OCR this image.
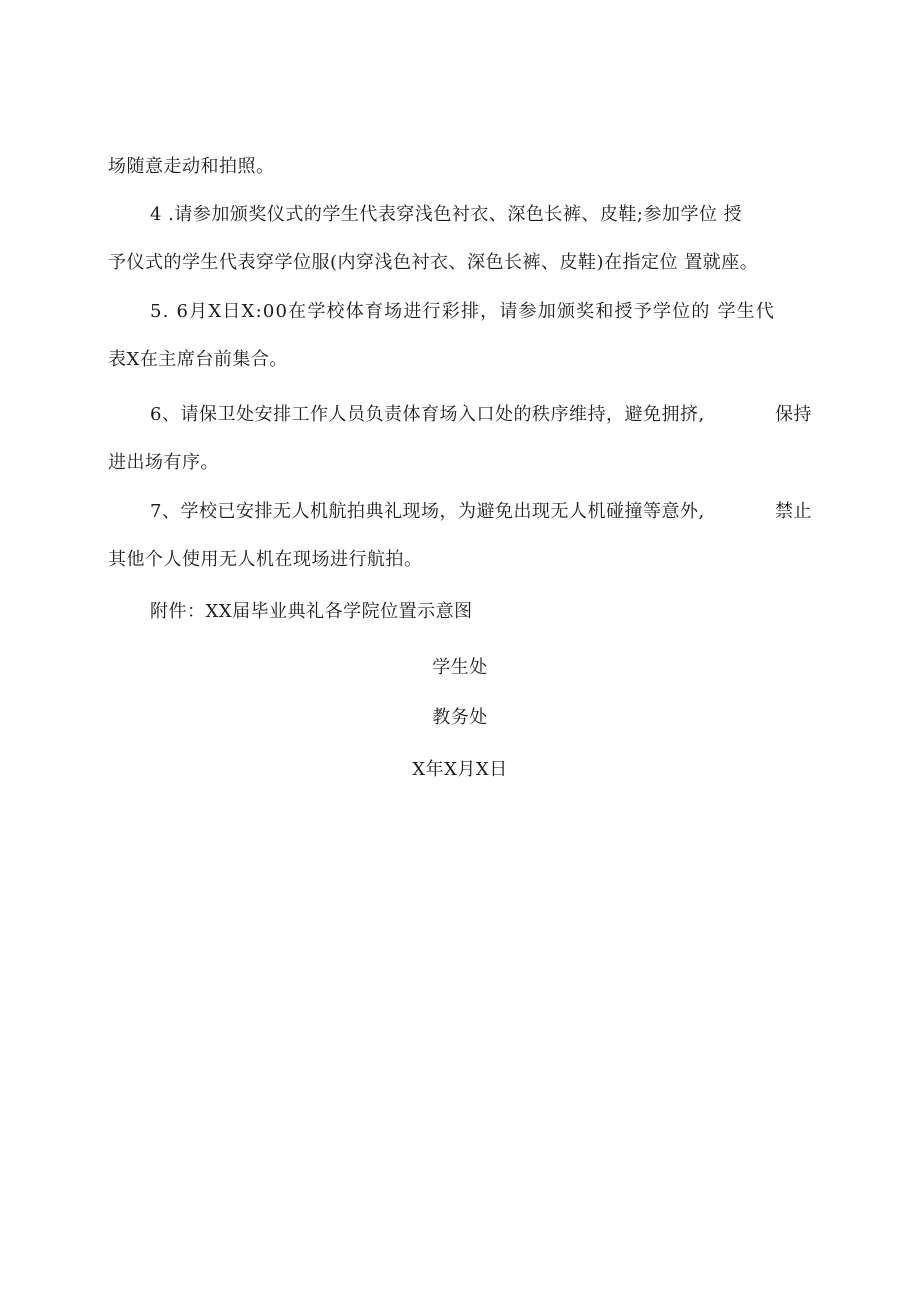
场随意走动和拍照。
4 .请参加颁奖仪式的学生代表穿浅色衬衣、深色长裤、皮鞋;参加学位 授
予仪式的学生代表穿学位服(内穿浅色衬衣、深色长裤、皮鞋)在指定位 置就座。
5. 6月X日X:00在学校体育场进行彩排，请参加颁奖和授予学位的 学生代
表X在主席台前集合。
6、请保卫处安排工作人员负责体育场入口处的秩序维持，避免拥挤,	保持
进出场有序。
7、学校已安排无人机航拍典礼现场，为避免出现无人机碰撞等意外,	禁止
其他个人使用无人机在现场进行航拍。
附件：XX届毕业典礼各学院位置示意图
学生处
教务处
X年X月X日
